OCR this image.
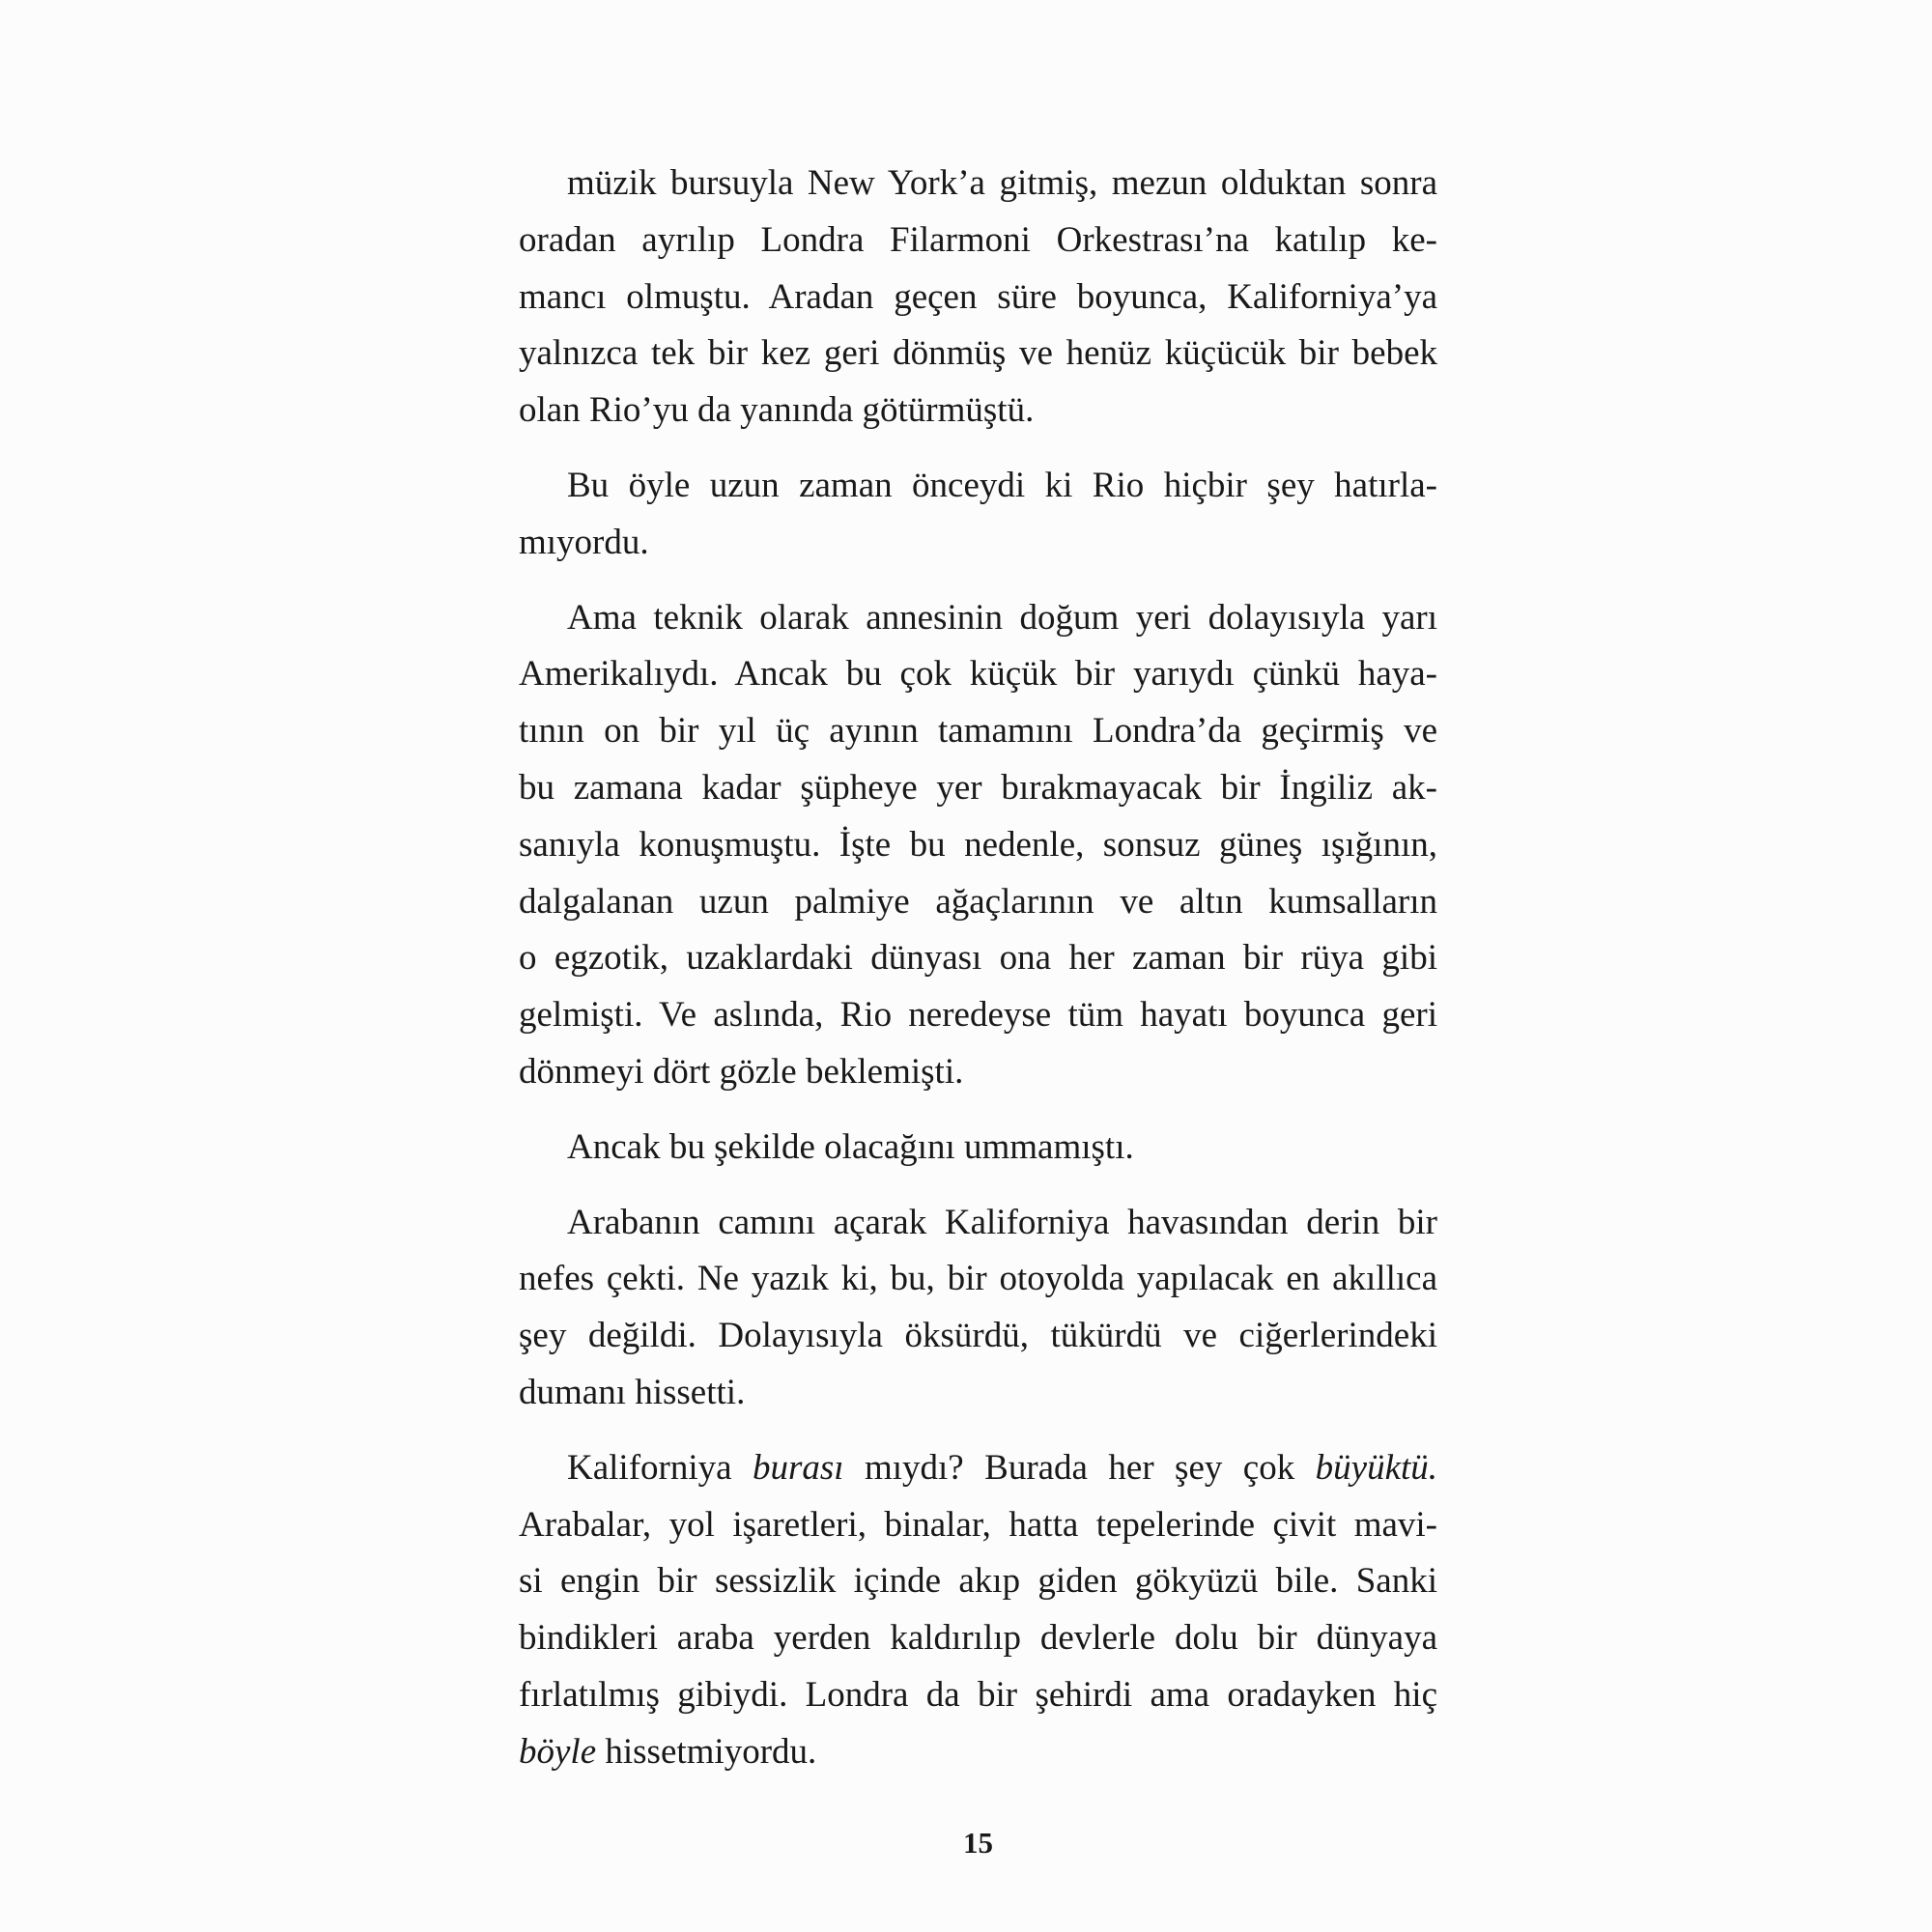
müzik bursuyla New York’a gitmiş, mezun olduktan sonra
oradan ayrılıp Londra Filarmoni Orkestrası’na katılıp ke-
mancı olmuştu. Aradan geçen süre boyunca, Kaliforniya’ya
yalnızca tek bir kez geri dönmüş ve henüz küçücük bir bebek
olan Rio’yu da yanında götürmüştü.
Bu öyle uzun zaman önceydi ki Rio hiçbir şey hatırla-
mıyordu.
Ama teknik olarak annesinin doğum yeri dolayısıyla yarı
Amerikalıydı. Ancak bu çok küçük bir yarıydı çünkü haya-
tının on bir yıl üç ayının tamamını Londra’da geçirmiş ve
bu zamana kadar şüpheye yer bırakmayacak bir İngiliz ak-
sanıyla konuşmuştu. İşte bu nedenle, sonsuz güneş ışığının,
dalgalanan uzun palmiye ağaçlarının ve altın kumsalların
o egzotik, uzaklardaki dünyası ona her zaman bir rüya gibi
gelmişti. Ve aslında, Rio neredeyse tüm hayatı boyunca geri
dönmeyi dört gözle beklemişti.
Ancak bu şekilde olacağını ummamıştı.
Arabanın camını açarak Kaliforniya havasından derin bir
nefes çekti. Ne yazık ki, bu, bir otoyolda yapılacak en akıllıca
şey değildi. Dolayısıyla öksürdü, tükürdü ve ciğerlerindeki
dumanı hissetti.
Kaliforniya burası mıydı? Burada her şey çok büyüktü.
Arabalar, yol işaretleri, binalar, hatta tepelerinde çivit mavi-
si engin bir sessizlik içinde akıp giden gökyüzü bile. Sanki
bindikleri araba yerden kaldırılıp devlerle dolu bir dünyaya
fırlatılmış gibiydi. Londra da bir şehirdi ama oradayken hiç
böyle hissetmiyordu.
15
